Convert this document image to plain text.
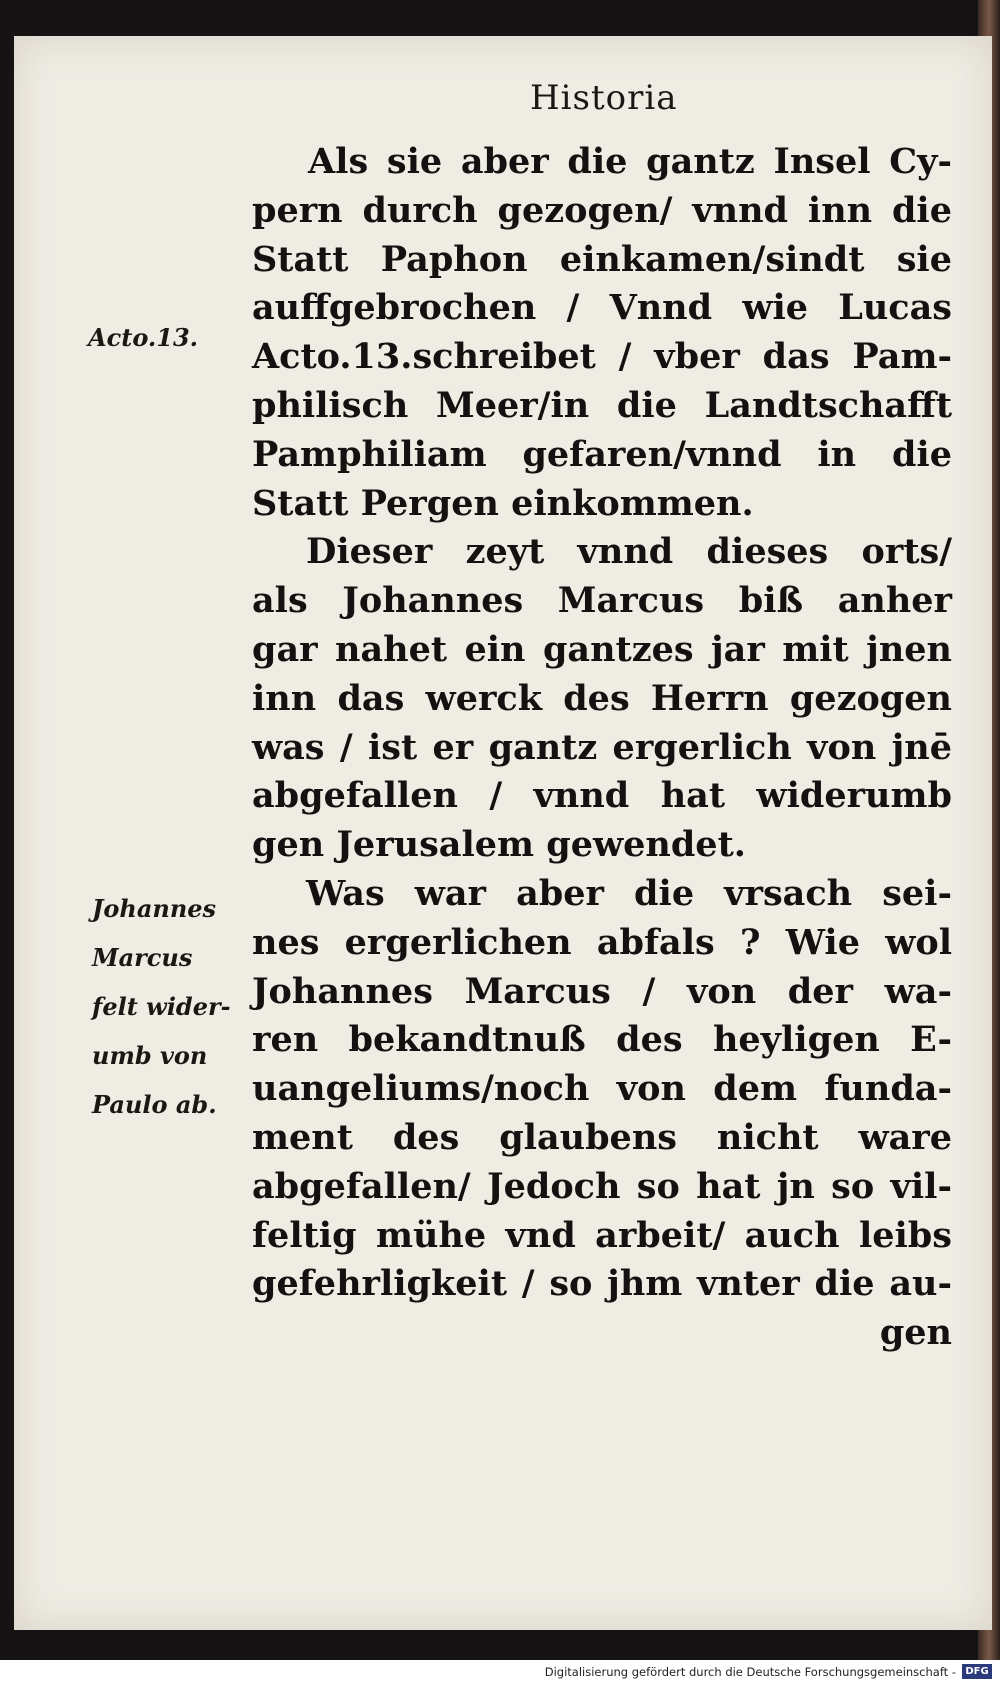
Historia
Acto.13.
Johannes
Marcus
felt wider-
umb von
Paulo ab.
Als sie aber die gantz Insel Cy-
pern durch gezogen/ vnnd inn die
Statt Paphon einkamen/sindt sie
auffgebrochen / Vnnd wie Lucas
Acto.13.schreibet / vber das Pam-
philisch Meer/in die Landtschafft
Pamphiliam gefaren/vnnd in die
Statt Pergen einkommen.
Dieser zeyt vnnd dieses orts/
als Johannes Marcus biß anher
gar nahet ein gantzes jar mit jnen
inn das werck des Herrn gezogen
was / ist er gantz ergerlich von jnē
abgefallen / vnnd hat widerumb
gen Jerusalem gewendet.
Was war aber die vrsach sei-
nes ergerlichen abfals ? Wie wol
Johannes Marcus / von der wa-
ren bekandtnuß des heyligen E-
uangeliums/noch von dem funda-
ment des glaubens nicht ware
abgefallen/ Jedoch so hat jn so vil-
feltig mühe vnd arbeit/ auch leibs
gefehrligkeit / so jhm vnter die au-
gen
Digitalisierung gefördert durch die Deutsche Forschungsgemeinschaft - DFG
